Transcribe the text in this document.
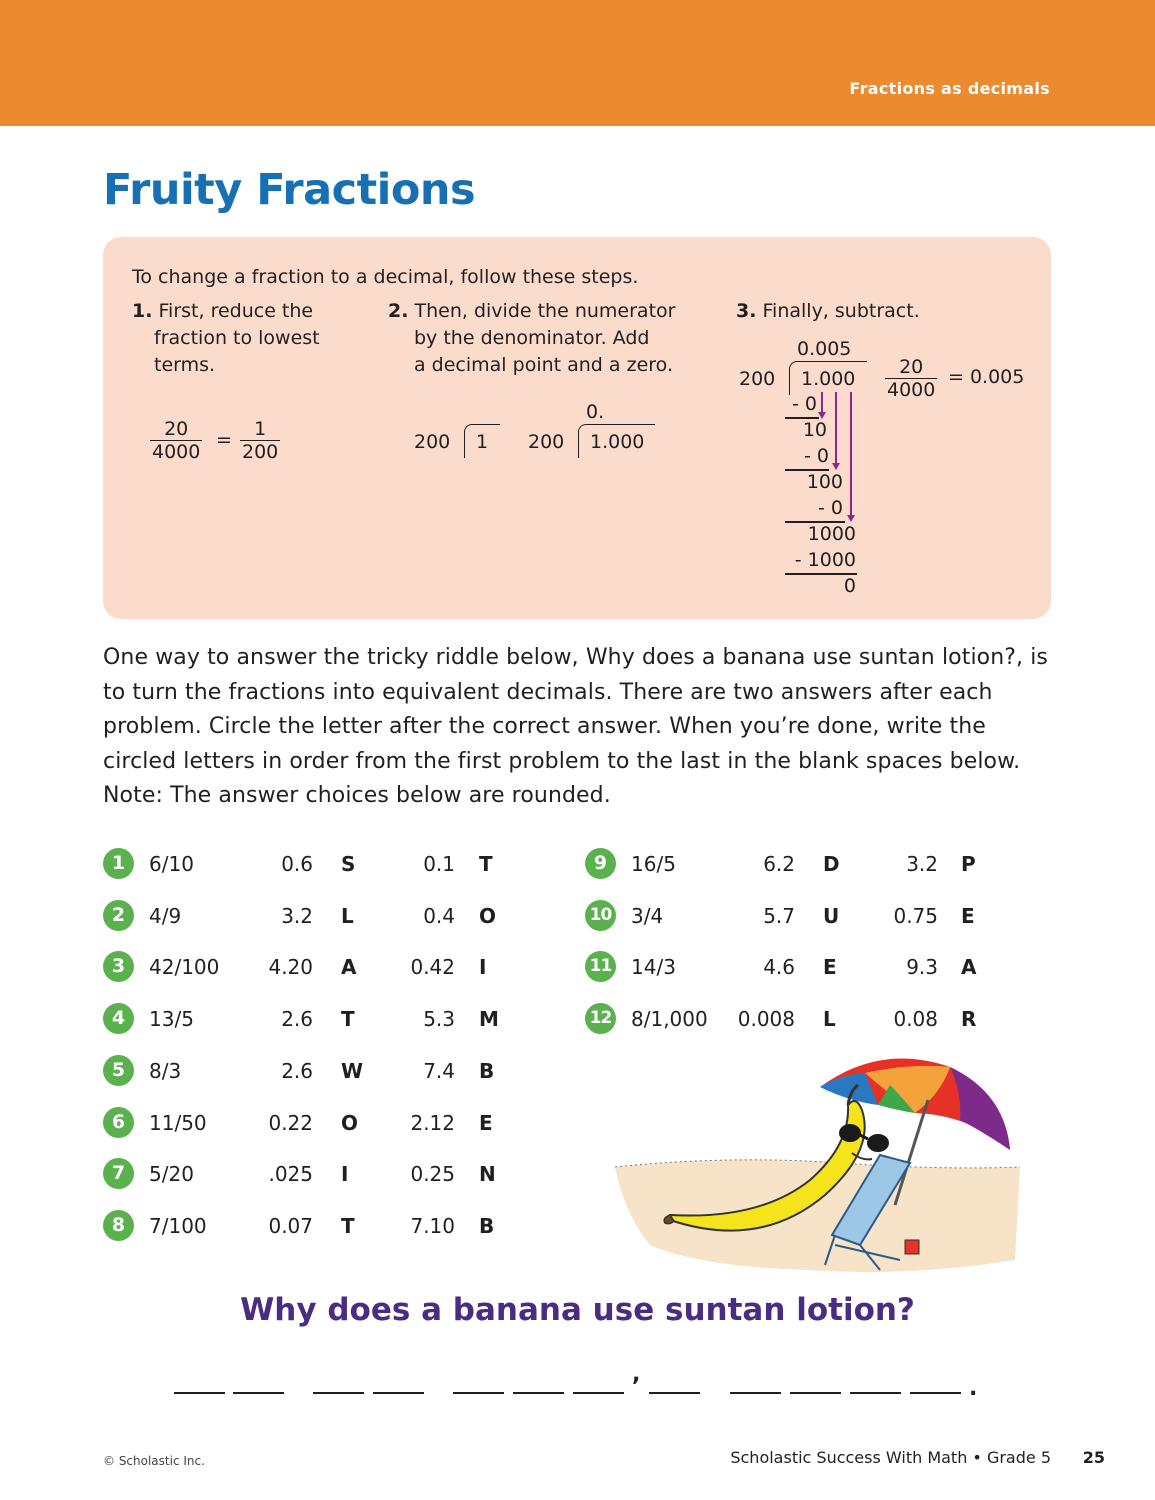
Fractions as decimals
Fruity Fractions
To change a fraction to a decimal, follow these steps.
1. First, reduce the
fraction to lowest
terms.
2. Then, divide the numerator
by the denominator. Add
a decimal point and a zero.
3. Finally, subtract.
$\frac{20}{4000} = \frac{1}{200}$	200 1 200
0.
1.000
0.005
200 1.000
- 0
10
- 0
100
- 0
1000
- 1000
0
$\frac{20}{4000} = 0.005$

One way to answer the tricky riddle below, Why does a banana use suntan lotion?, is to turn the fractions into equivalent decimals. There are two answers after each problem. Circle the letter after the correct answer. When you’re done, write the circled letters in order from the first problem to the last in the blank spaces below. Note: The answer choices below are rounded.

1	6/10	0.6 S	0.1 T
2	4/9	3.2 L	0.4 O
3	42/100	4.20 A	0.42 I
4	13/5	2.6 T	5.3 M
5	8/3	2.6 W	7.4 B
6	11/50	0.22 O	2.12 E
7	5/20	.025 I	0.25 N
8	7/100	0.07 T	7.10 B
9	16/5	6.2 D	3.2 P
10 3/4	5.7 U	0.75 E
11 14/3	4.6 E	9.3 A
12 8/1,000	0.008 L	0.08 R
Why does a banana use suntan lotion?
,
.
© Scholastic Inc.	Scholastic Success With Math • Grade 5 25
